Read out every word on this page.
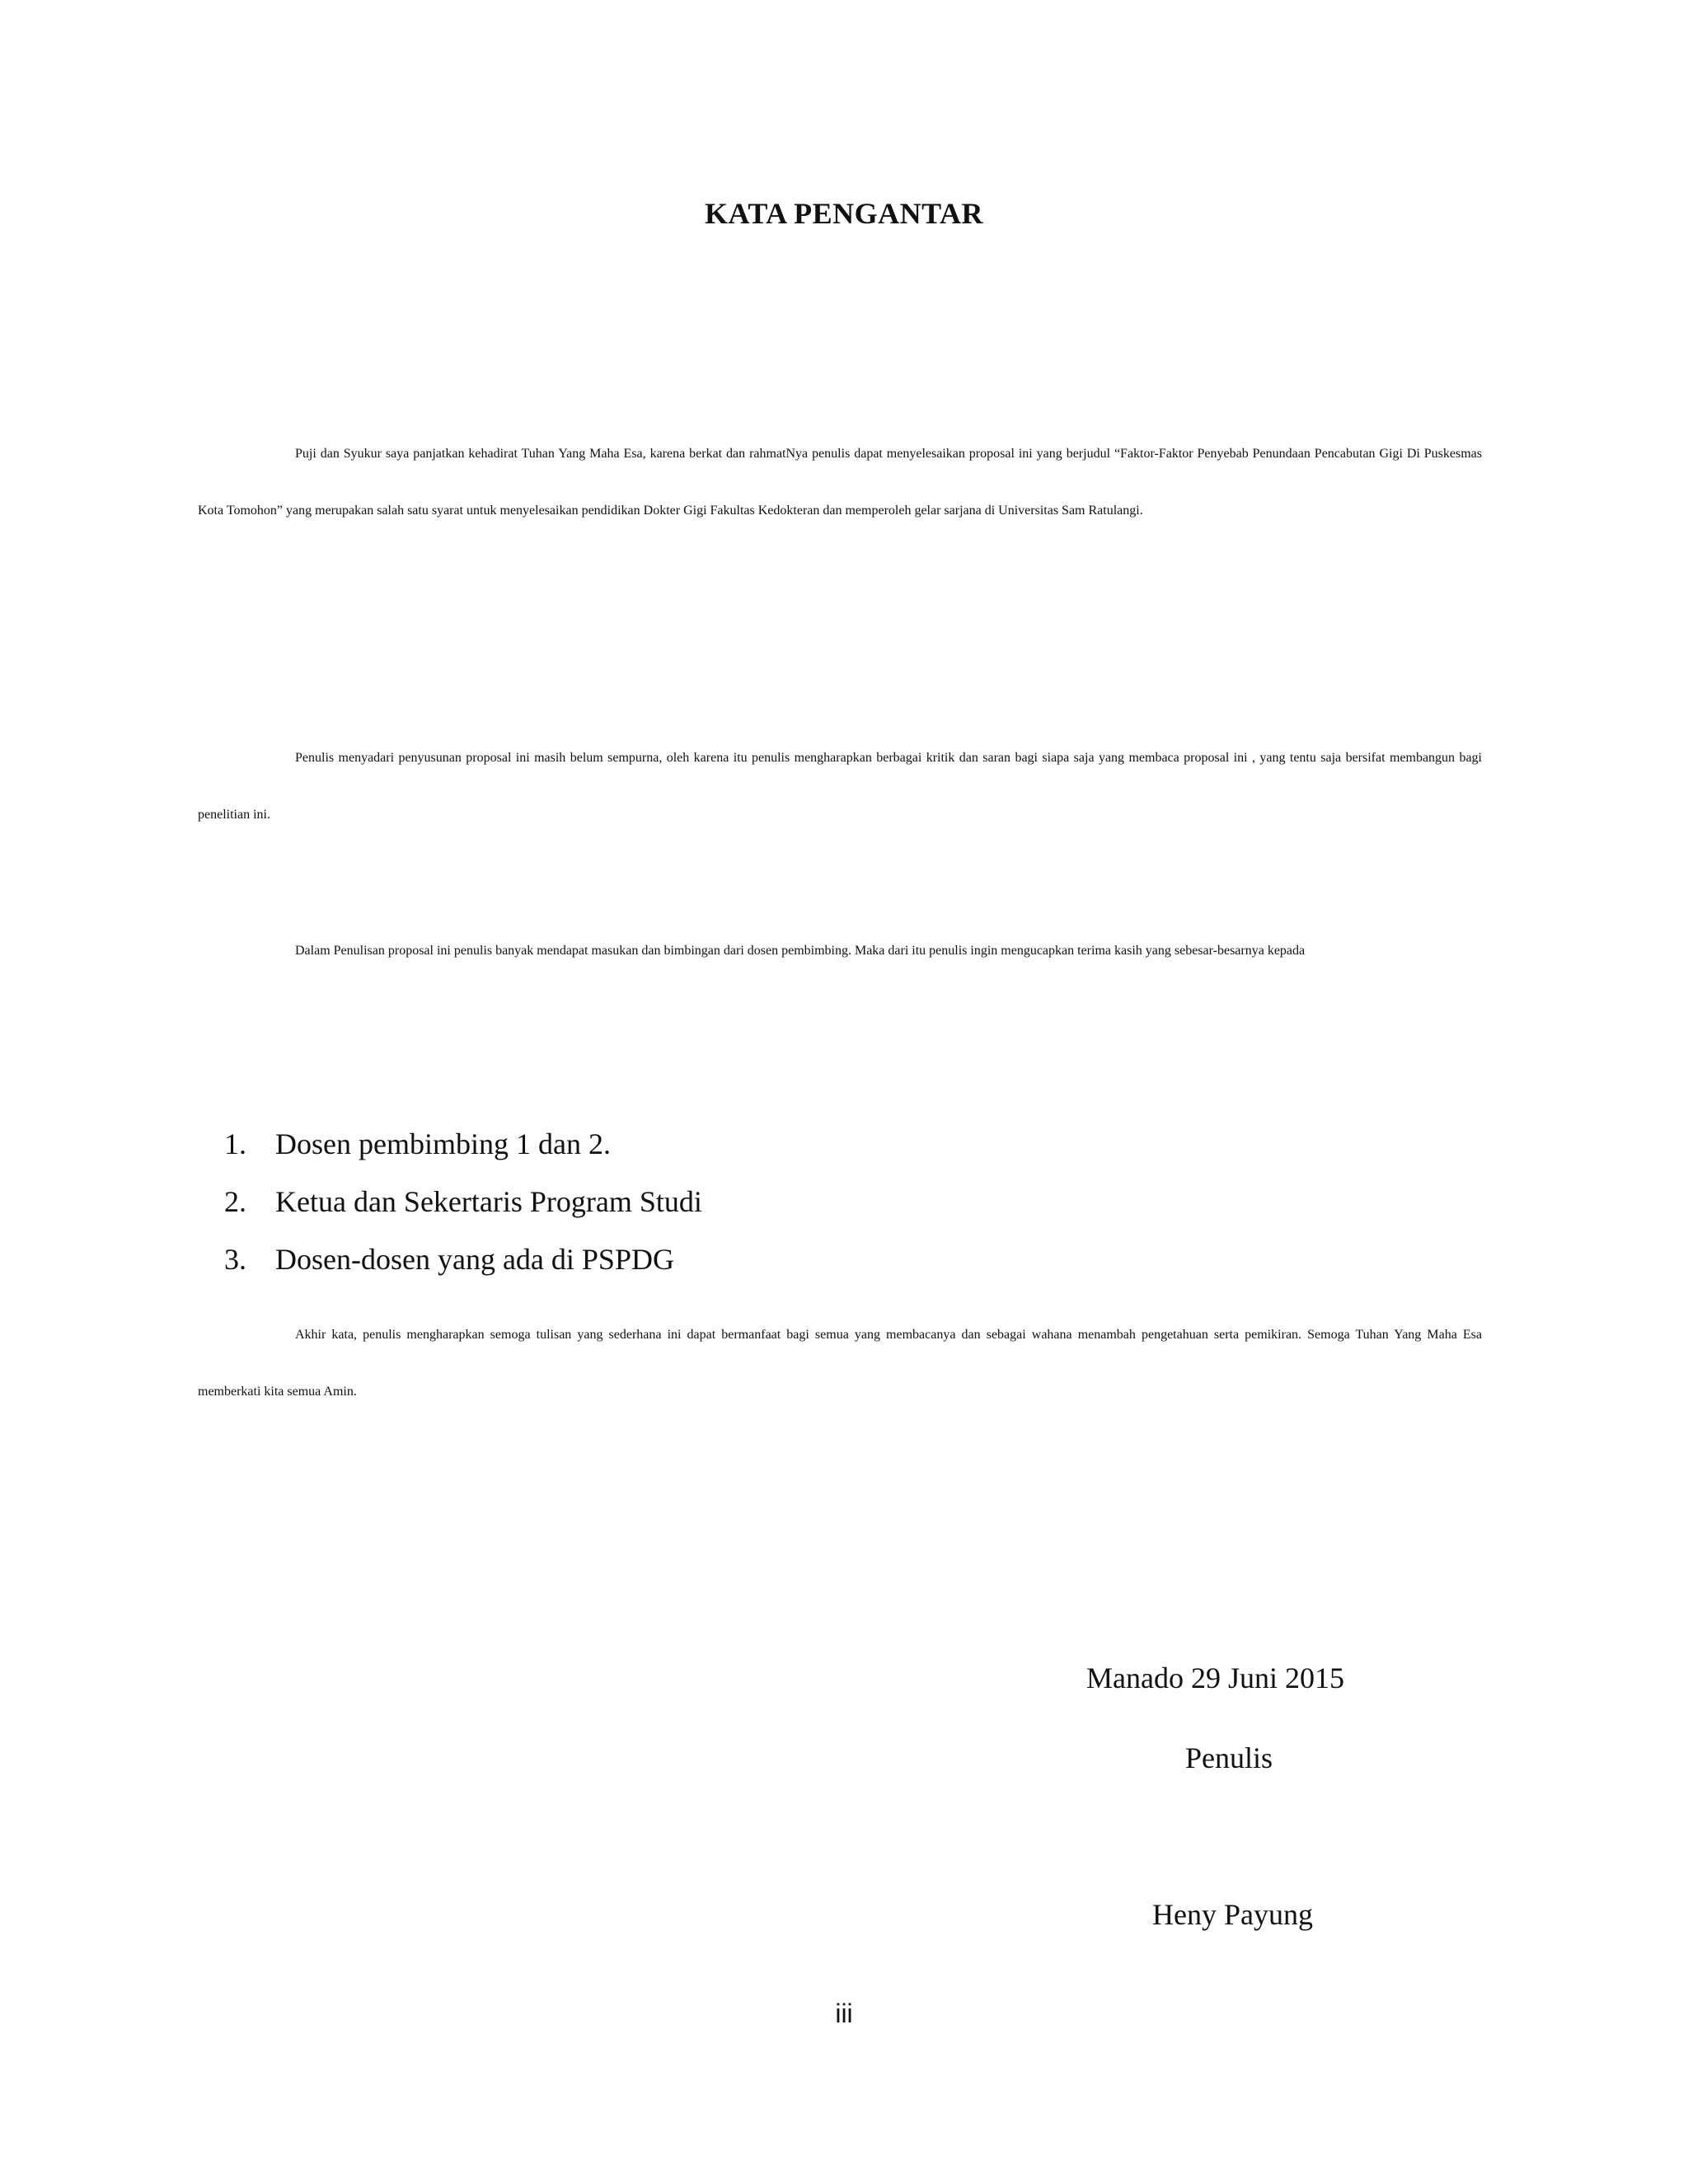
KATA PENGANTAR

Puji dan Syukur saya panjatkan kehadirat Tuhan Yang Maha Esa, karena berkat dan rahmatNya penulis dapat menyelesaikan proposal ini yang berjudul “Faktor-Faktor Penyebab Penundaan Pencabutan Gigi Di Puskesmas Kota Tomohon” yang merupakan salah satu syarat untuk menyelesaikan pendidikan Dokter Gigi Fakultas Kedokteran dan memperoleh gelar sarjana di Universitas Sam Ratulangi.

Penulis menyadari penyusunan proposal ini masih belum sempurna, oleh karena itu penulis mengharapkan berbagai kritik dan saran bagi siapa saja yang membaca proposal ini , yang tentu saja bersifat membangun bagi penelitian ini.

Dalam Penulisan proposal ini penulis banyak mendapat masukan dan bimbingan dari dosen pembimbing. Maka dari itu penulis ingin mengucapkan terima kasih yang sebesar-besarnya kepada

1. Dosen pembimbing 1 dan 2.
2. Ketua dan Sekertaris Program Studi
3. Dosen-dosen yang ada di PSPDG

Akhir kata, penulis mengharapkan semoga tulisan yang sederhana ini dapat bermanfaat bagi semua yang membacanya dan sebagai wahana menambah pengetahuan serta pemikiran. Semoga Tuhan Yang Maha Esa memberkati kita semua Amin.

Manado 29 Juni 2015
Penulis
Heny Payung
iii
